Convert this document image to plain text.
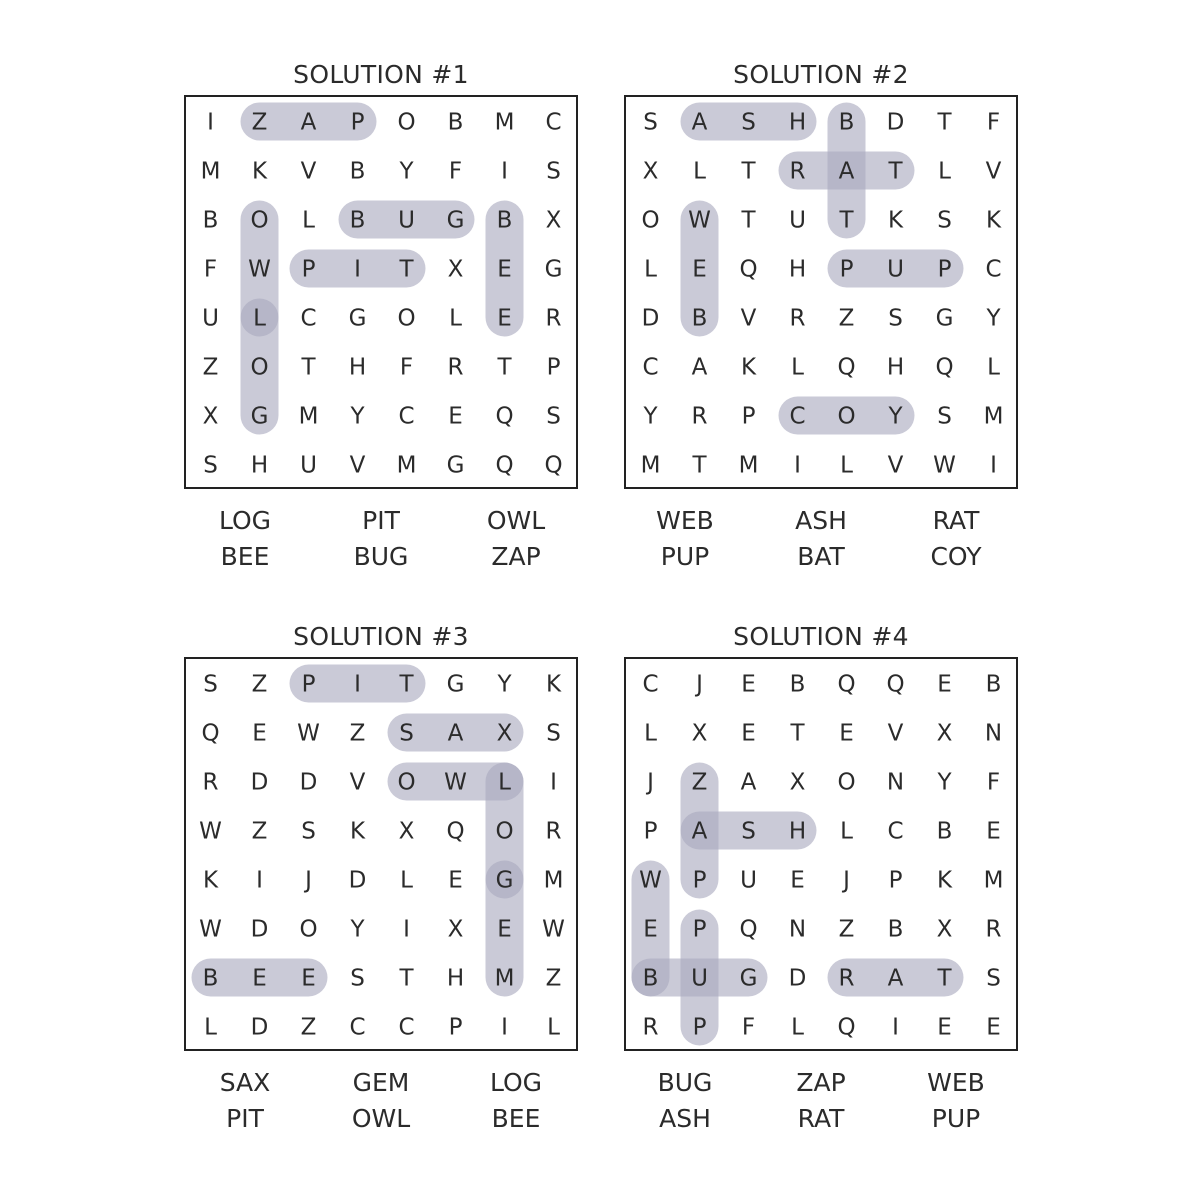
SOLUTION #1
I Z A P O B M C
M K V B Y F I S
B O L B U G B X
F W P I T X E G
U L C G O L E R
Z O T H F R T P
X G M Y C E Q S
S H U V M G Q Q
LOG	PIT	OWL
BEE	BUG	ZAP
SOLUTION #2
S A S H B D T F
X L T R A T L V
O W T U T K S K
L E Q H P U P C
D B V R Z S G Y
C A K L Q H Q L
Y R P C O Y S M
M T M I L V W I
WEB	ASH	RAT
PUP	BAT	COY
SOLUTION #3
S Z P I T G Y K
Q E W Z S A X S
R D D V O W L I
W Z S K X Q O R
K I J D L E G M
W D O Y I X E W
B E E S T H M Z
L D Z C C P I L
SAX	GEM	LOG
PIT	OWL	BEE
SOLUTION #4
C J E B Q Q E B
L X E T E V X N
J Z A X O N Y F
P A S H L C B E
W P U E J P K M
E P Q N Z B X R
B U G D R A T S
R P F L Q I E E
BUG	ZAP	WEB
ASH	RAT	PUP
